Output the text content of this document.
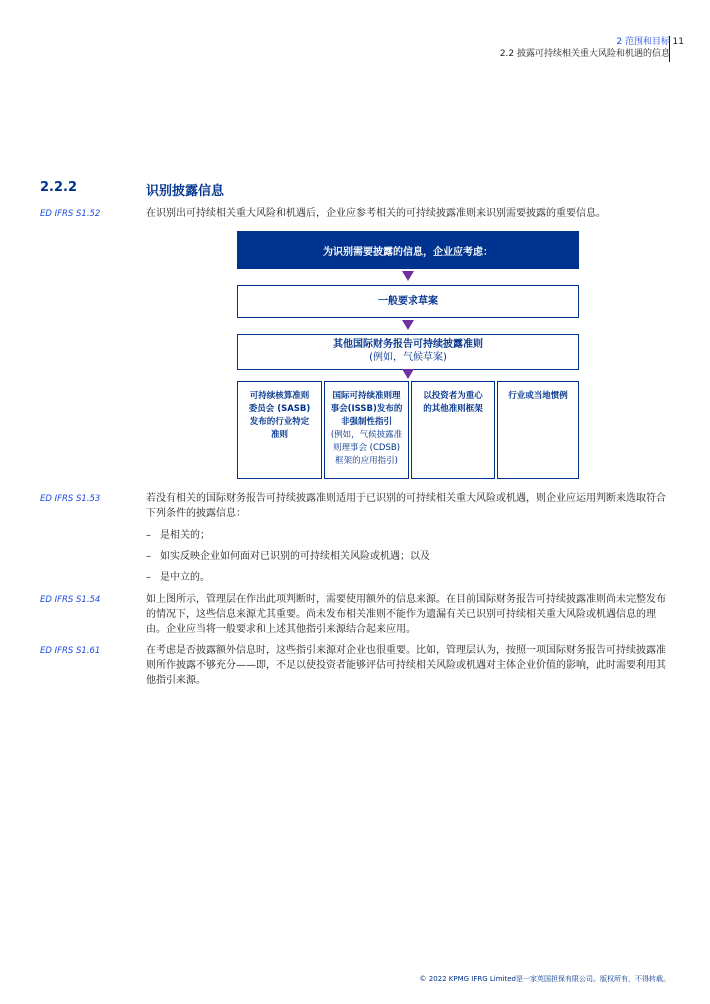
2 范围和目标
2.2 披露可持续相关重大风险和机遇的信息
11
2.2.2	识别披露信息
ED IFRS S1.52	在识别出可持续相关重大风险和机遇后，企业应参考相关的可持续披露准则来识别需要披露的重要信息。
为识别需要披露的信息，企业应考虑：
一般要求草案
其他国际财务报告可持续披露准则
(例如，气候草案)
可持续核算准则
委员会 (SASB)
发布的行业特定
准则
国际可持续准则理
事会(ISSB)发布的
非强制性指引
(例如，气候披露准
则理事会 (CDSB)
框架的应用指引)
以投资者为重心
的其他准则框架
行业或当地惯例
ED IFRS S1.53	若没有相关的国际财务报告可持续披露准则适用于已识别的可持续相关重大风险或机遇，则企业应运用判断来选取符合下列条件的披露信息：
– 是相关的；
– 如实反映企业如何面对已识别的可持续相关风险或机遇；以及
– 是中立的。
ED IFRS S1.54	如上图所示，管理层在作出此项判断时，需要使用额外的信息来源。在目前国际财务报告可持续披露准则尚未完整发布的情况下，这些信息来源尤其重要。尚未发布相关准则不能作为遗漏有关已识别可持续相关重大风险或机遇信息的理由。企业应当将一般要求和上述其他指引来源结合起来应用。
ED IFRS S1.61	在考虑是否披露额外信息时，这些指引来源对企业也很重要。比如，管理层认为，按照一项国际财务报告可持续披露准则所作披露不够充分——即，不足以使投资者能够评估可持续相关风险或机遇对主体企业价值的影响，此时需要利用其他指引来源。
© 2022 KPMG IFRG Limited是一家英国担保有限公司。版权所有，不得转载。
